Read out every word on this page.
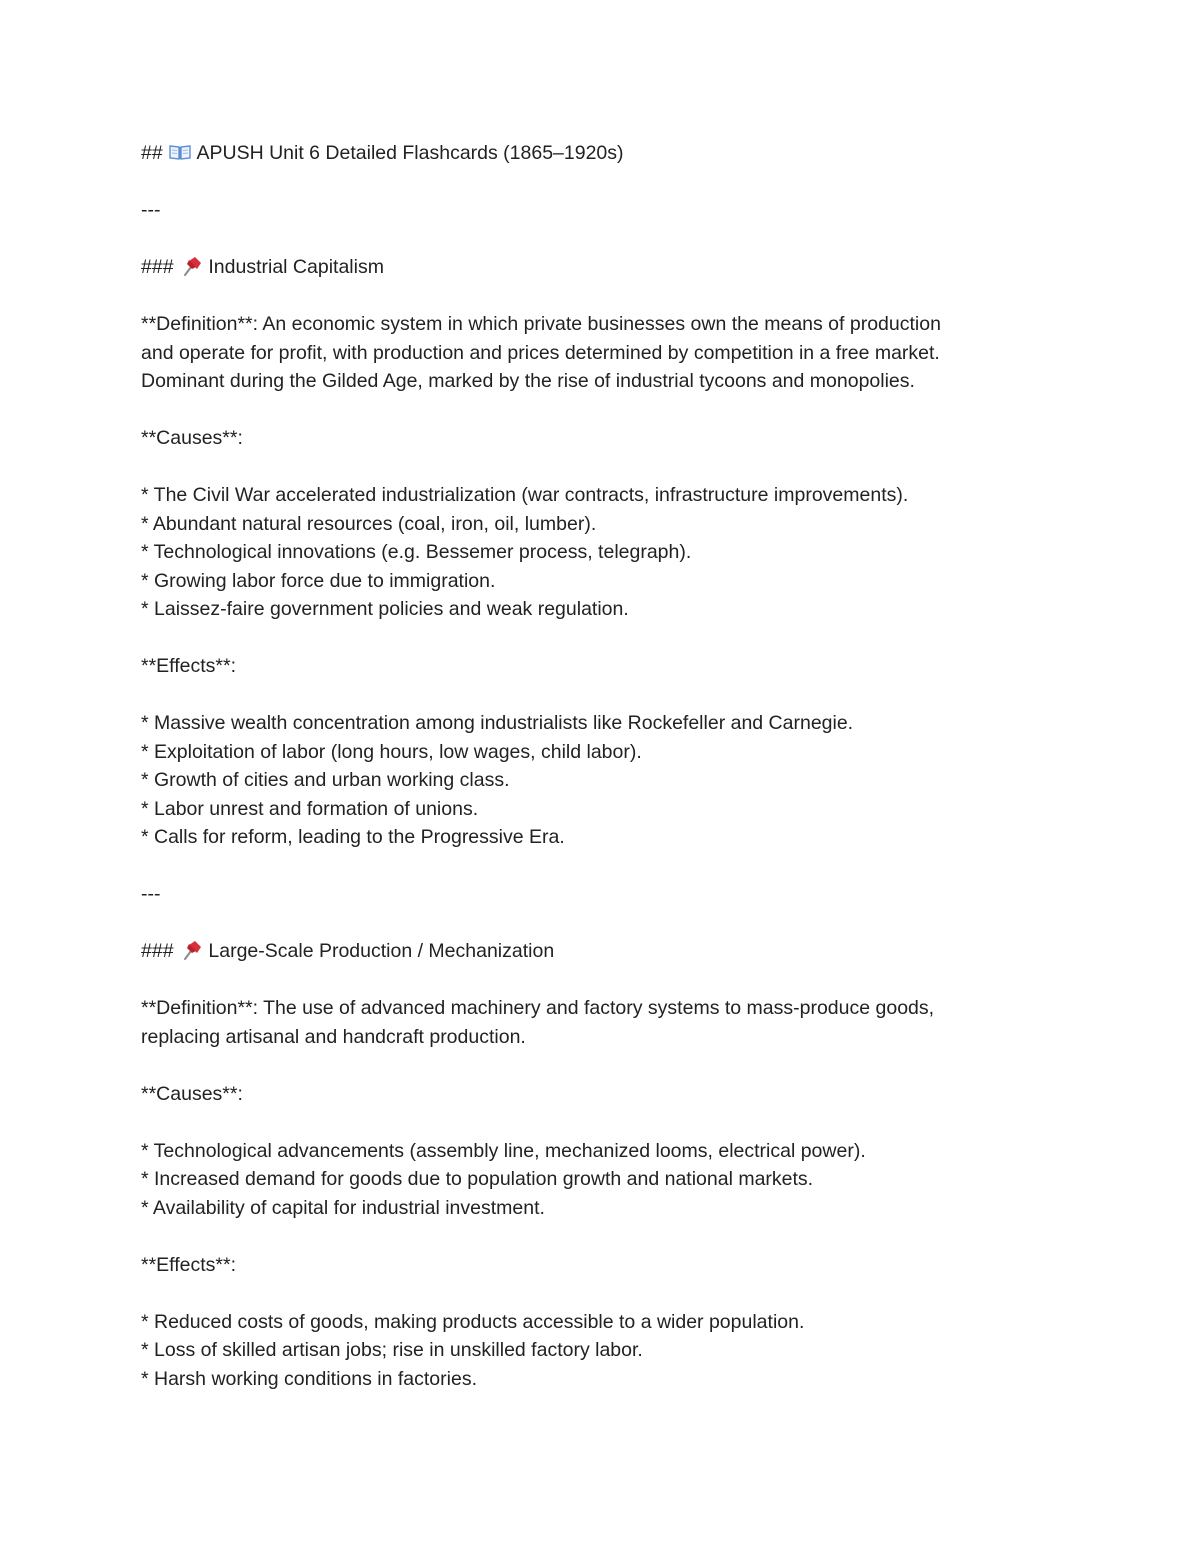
## APUSH Unit 6 Detailed Flashcards (1865–1920s)
---
### Industrial Capitalism
**Definition**: An economic system in which private businesses own the means of production
and operate for profit, with production and prices determined by competition in a free market.
Dominant during the Gilded Age, marked by the rise of industrial tycoons and monopolies.
**Causes**:
* The Civil War accelerated industrialization (war contracts, infrastructure improvements).
* Abundant natural resources (coal, iron, oil, lumber).
* Technological innovations (e.g. Bessemer process, telegraph).
* Growing labor force due to immigration.
* Laissez-faire government policies and weak regulation.
**Effects**:
* Massive wealth concentration among industrialists like Rockefeller and Carnegie.
* Exploitation of labor (long hours, low wages, child labor).
* Growth of cities and urban working class.
* Labor unrest and formation of unions.
* Calls for reform, leading to the Progressive Era.
---
### Large-Scale Production / Mechanization
**Definition**: The use of advanced machinery and factory systems to mass-produce goods,
replacing artisanal and handcraft production.
**Causes**:
* Technological advancements (assembly line, mechanized looms, electrical power).
* Increased demand for goods due to population growth and national markets.
* Availability of capital for industrial investment.
**Effects**:
* Reduced costs of goods, making products accessible to a wider population.
* Loss of skilled artisan jobs; rise in unskilled factory labor.
* Harsh working conditions in factories.
